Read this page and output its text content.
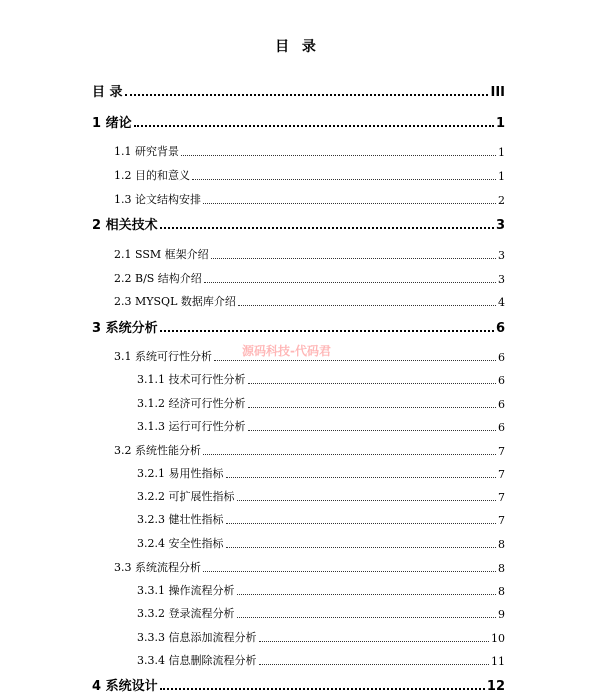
目 录
目 录	III
1 绪论	1
1.1 研究背景	1
1.2 目的和意义	1
1.3 论文结构安排	2
2 相关技术	3
2.1 SSM 框架介绍	3
2.2 B/S 结构介绍	3
2.3 MYSQL 数据库介绍	4
3 系统分析	6
3.1 系统可行性分析	6
3.1.1 技术可行性分析	6
3.1.2 经济可行性分析	6
3.1.3 运行可行性分析	6
3.2 系统性能分析	7
3.2.1 易用性指标	7
3.2.2 可扩展性指标	7
3.2.3 健壮性指标	7
3.2.4 安全性指标	8
3.3 系统流程分析	8
3.3.1 操作流程分析	8
3.3.2 登录流程分析	9
3.3.3 信息添加流程分析	10
3.3.4 信息删除流程分析	11
4 系统设计	12
源码科技-代码君
